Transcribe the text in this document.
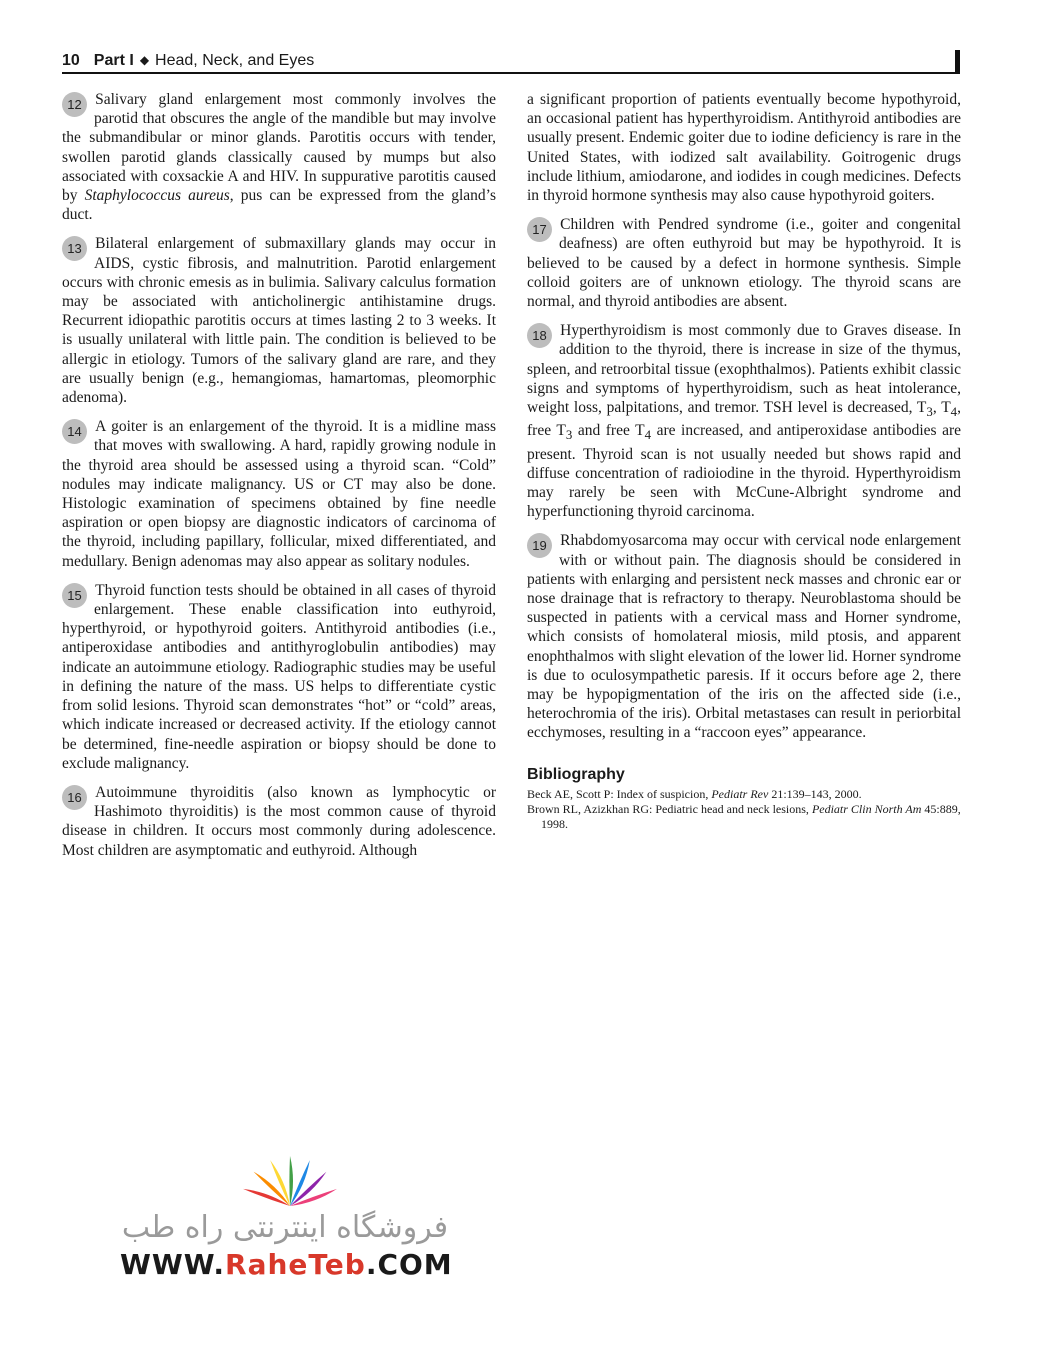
10 Part I ◆ Head, Neck, and Eyes

12 Salivary gland enlargement most commonly involves the parotid that obscures the angle of the mandible but may involve the submandibular or minor glands. Parotitis occurs with tender, swollen parotid glands classically caused by mumps but also associated with coxsackie A and HIV. In suppurative parotitis caused by Staphylococcus aureus, pus can be expressed from the gland’s duct.

13 Bilateral enlargement of submaxillary glands may occur in AIDS, cystic fibrosis, and malnutrition. Parotid enlargement occurs with chronic emesis as in bulimia. Salivary calculus formation may be associated with anticholinergic antihistamine drugs. Recurrent idiopathic parotitis occurs at times lasting 2 to 3 weeks. It is usually unilateral with little pain. The condition is believed to be allergic in etiology. Tumors of the salivary gland are rare, and they are usually benign (e.g., hemangiomas, hamartomas, pleomorphic adenoma).

14 A goiter is an enlargement of the thyroid. It is a midline mass that moves with swallowing. A hard, rapidly growing nodule in the thyroid area should be assessed using a thyroid scan. “Cold” nodules may indicate malignancy. US or CT may also be done. Histologic examination of specimens obtained by fine needle aspiration or open biopsy are diagnostic indicators of carcinoma of the thyroid, including papillary, follicular, mixed differentiated, and medullary. Benign adenomas may also appear as solitary nodules.

15 Thyroid function tests should be obtained in all cases of thyroid enlargement. These enable classification into euthyroid, hyperthyroid, or hypothyroid goiters. Antithyroid antibodies (i.e., antiperoxidase antibodies and antithyroglobulin antibodies) may indicate an autoimmune etiology. Radiographic studies may be useful in defining the nature of the mass. US helps to differentiate cystic from solid lesions. Thyroid scan demonstrates “hot” or “cold” areas, which indicate increased or decreased activity. If the etiology cannot be determined, fine-needle aspiration or biopsy should be done to exclude malignancy.

16 Autoimmune thyroiditis (also known as lymphocytic or Hashimoto thyroiditis) is the most common cause of thyroid disease in children. It occurs most commonly during adolescence. Most children are asymptomatic and euthyroid. Although

a significant proportion of patients eventually become hypothyroid, an occasional patient has hyperthyroidism. Antithyroid antibodies are usually present. Endemic goiter due to iodine deficiency is rare in the United States, with iodized salt availability. Goitrogenic drugs include lithium, amiodarone, and iodides in cough medicines. Defects in thyroid hormone synthesis may also cause hypothyroid goiters.

17 Children with Pendred syndrome (i.e., goiter and congenital deafness) are often euthyroid but may be hypothyroid. It is believed to be caused by a defect in hormone synthesis. Simple colloid goiters are of unknown etiology. The thyroid scans are normal, and thyroid antibodies are absent.

18 Hyperthyroidism is most commonly due to Graves disease. In addition to the thyroid, there is increase in size of the thymus, spleen, and retroorbital tissue (exophthalmos). Patients exhibit classic signs and symptoms of hyperthyroidism, such as heat intolerance, weight loss, palpitations, and tremor. TSH level is decreased, $T_3$, $T_4$, free $T_3$ and free $T_4$ are increased, and antiperoxidase antibodies are present. Thyroid scan is not usually needed but shows rapid and diffuse concentration of radioiodine in the thyroid. Hyperthyroidism may rarely be seen with McCune-Albright syndrome and hyperfunctioning thyroid carcinoma.

19 Rhabdomyosarcoma may occur with cervical node enlargement with or without pain. The diagnosis should be considered in patients with enlarging and persistent neck masses and chronic ear or nose drainage that is refractory to therapy. Neuroblastoma should be suspected in patients with a cervical mass and Horner syndrome, which consists of homolateral miosis, mild ptosis, and apparent enophthalmos with slight elevation of the lower lid. Horner syndrome is due to oculosympathetic paresis. If it occurs before age 2, there may be hypopigmentation of the iris on the affected side (i.e., heterochromia of the iris). Orbital metastases can result in periorbital ecchymoses, resulting in a “raccoon eyes” appearance.

Bibliography
Beck AE, Scott P: Index of suspicion, Pediatr Rev 21:139–143, 2000.
Brown RL, Azizkhan RG: Pediatric head and neck lesions, Pediatr Clin North Am 45:889, 1998.
فروشگاه اینترنتی راه طب
WWW.RaheTeb.COM
